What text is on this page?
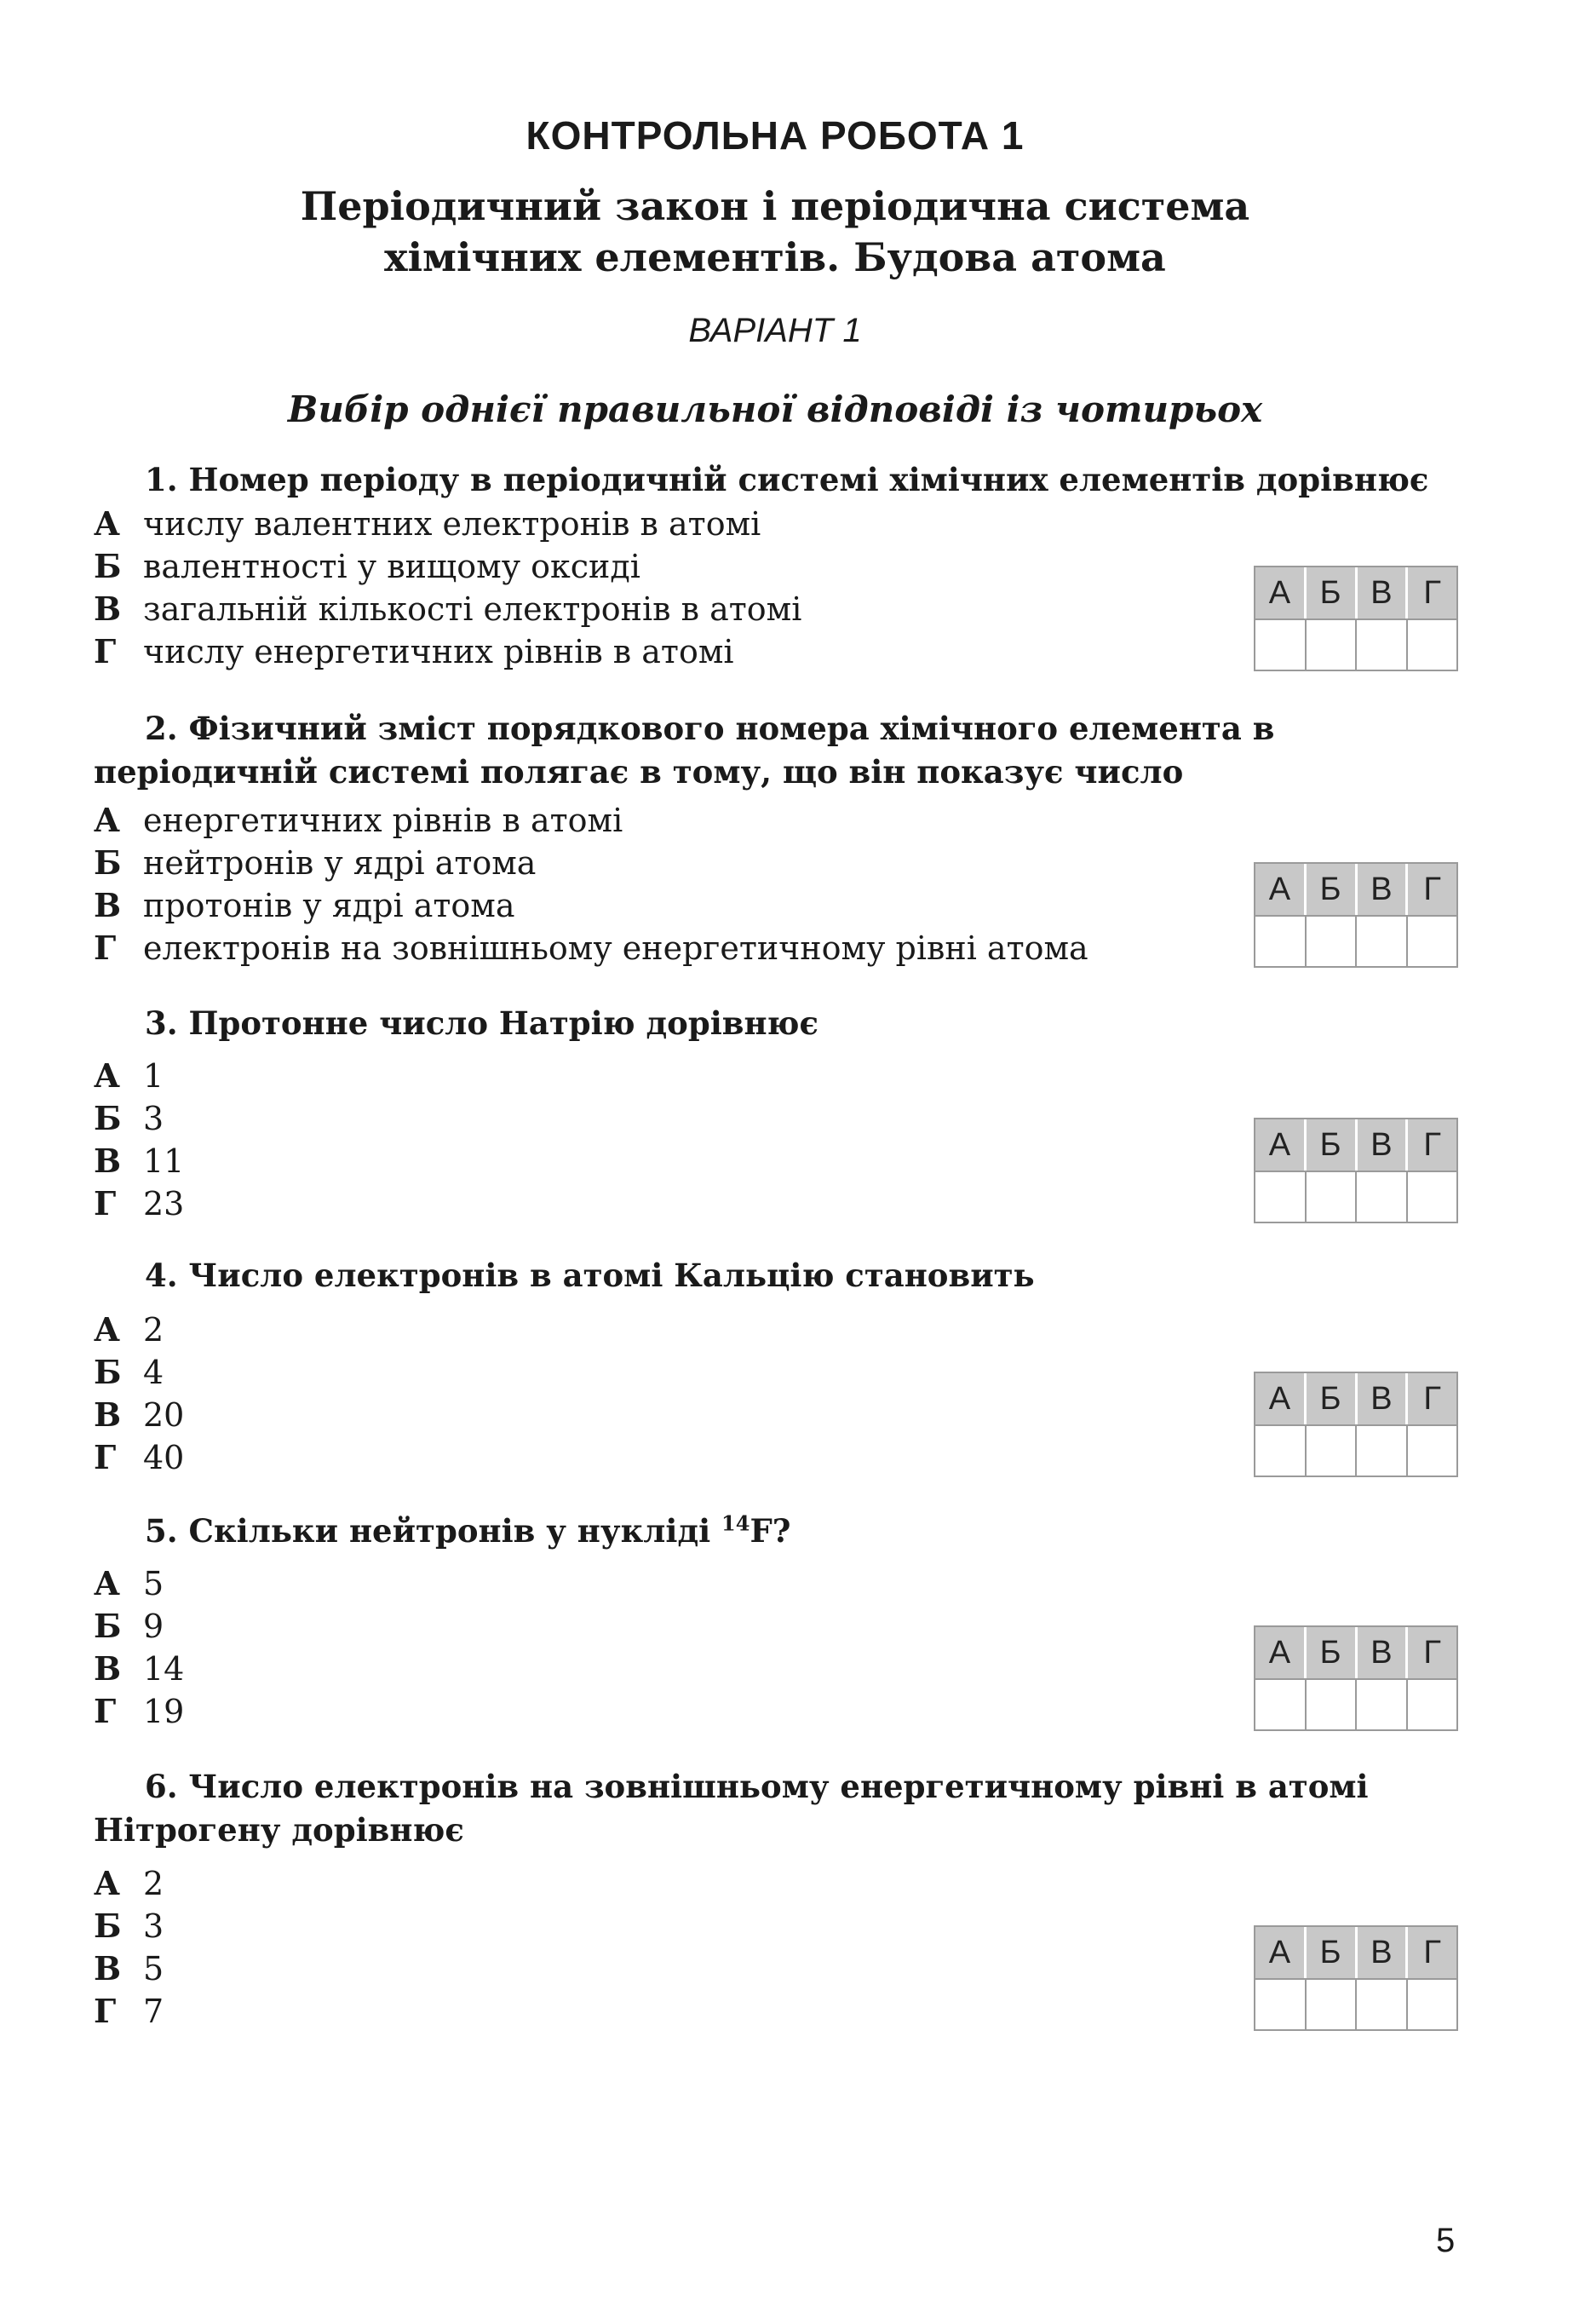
КОНТРОЛЬНА РОБОТА 1
Періодичний закон і періодична система
хімічних елементів. Будова атома
ВАРІАНТ 1
Вибір однієї правильної відповіді із чотирьох
1. Номер періоду в періодичній системі хімічних елементів дорівнює
А числу валентних електронів в атомі
Б валентності у вищому оксиді
В загальній кількості електронів в атомі
Г числу енергетичних рівнів в атомі
А Б В Г
2. Фізичний зміст порядкового номера хімічного елемента в періодичній системі полягає в тому, що він показує число
А енергетичних рівнів в атомі
Б нейтронів у ядрі атома
В протонів у ядрі атома
Г електронів на зовнішньому енергетичному рівні атома
А Б В Г
3. Протонне число Натрію дорівнює
А 1
Б 3
В 11
Г 23
А Б В Г
4. Число електронів в атомі Кальцію становить
А 2
Б 4
В 20
Г 40
А Б В Г
5. Скільки нейтронів у нукліді $^{14}$F?
А 5
Б 9
В 14
Г 19
А Б В Г
6. Число електронів на зовнішньому енергетичному рівні в атомі Нітрогену дорівнює
А 2
Б 3
В 5
Г 7
А Б В Г
5
